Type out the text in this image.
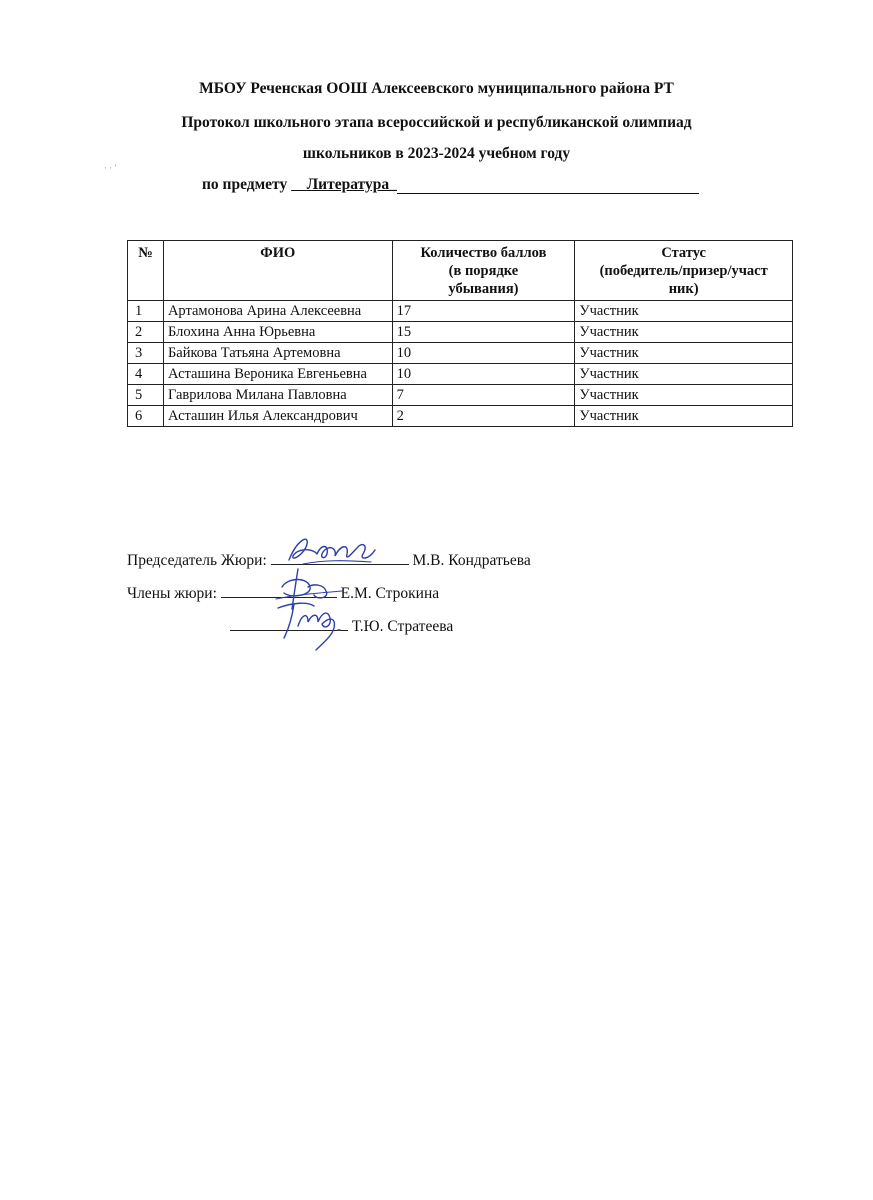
МБОУ Реченская ООШ Алексеевского муниципального района РТ
Протокол школьного этапа всероссийской и республиканской олимпиад
школьников в 2023-2024 учебном году
· · ′
по предмету Литература_
№	ФИО	Количество баллов
(в порядке
убывания)	Статус
(победитель/призер/участ
ник)
1	Артамонова Арина Алексеевна	17	Участник
2	Блохина Анна Юрьевна	15	Участник
3	Байкова Татьяна Артемовна	10	Участник
4	Асташина Вероника Евгеньевна	10	Участник
5	Гаврилова Милана Павловна	7	Участник
6	Асташин Илья Александрович	2	Участник
Председатель Жюри:	М.В. Кондратьева
Члены жюри:	Е.М. Строкина
Т.Ю. Стратеева
